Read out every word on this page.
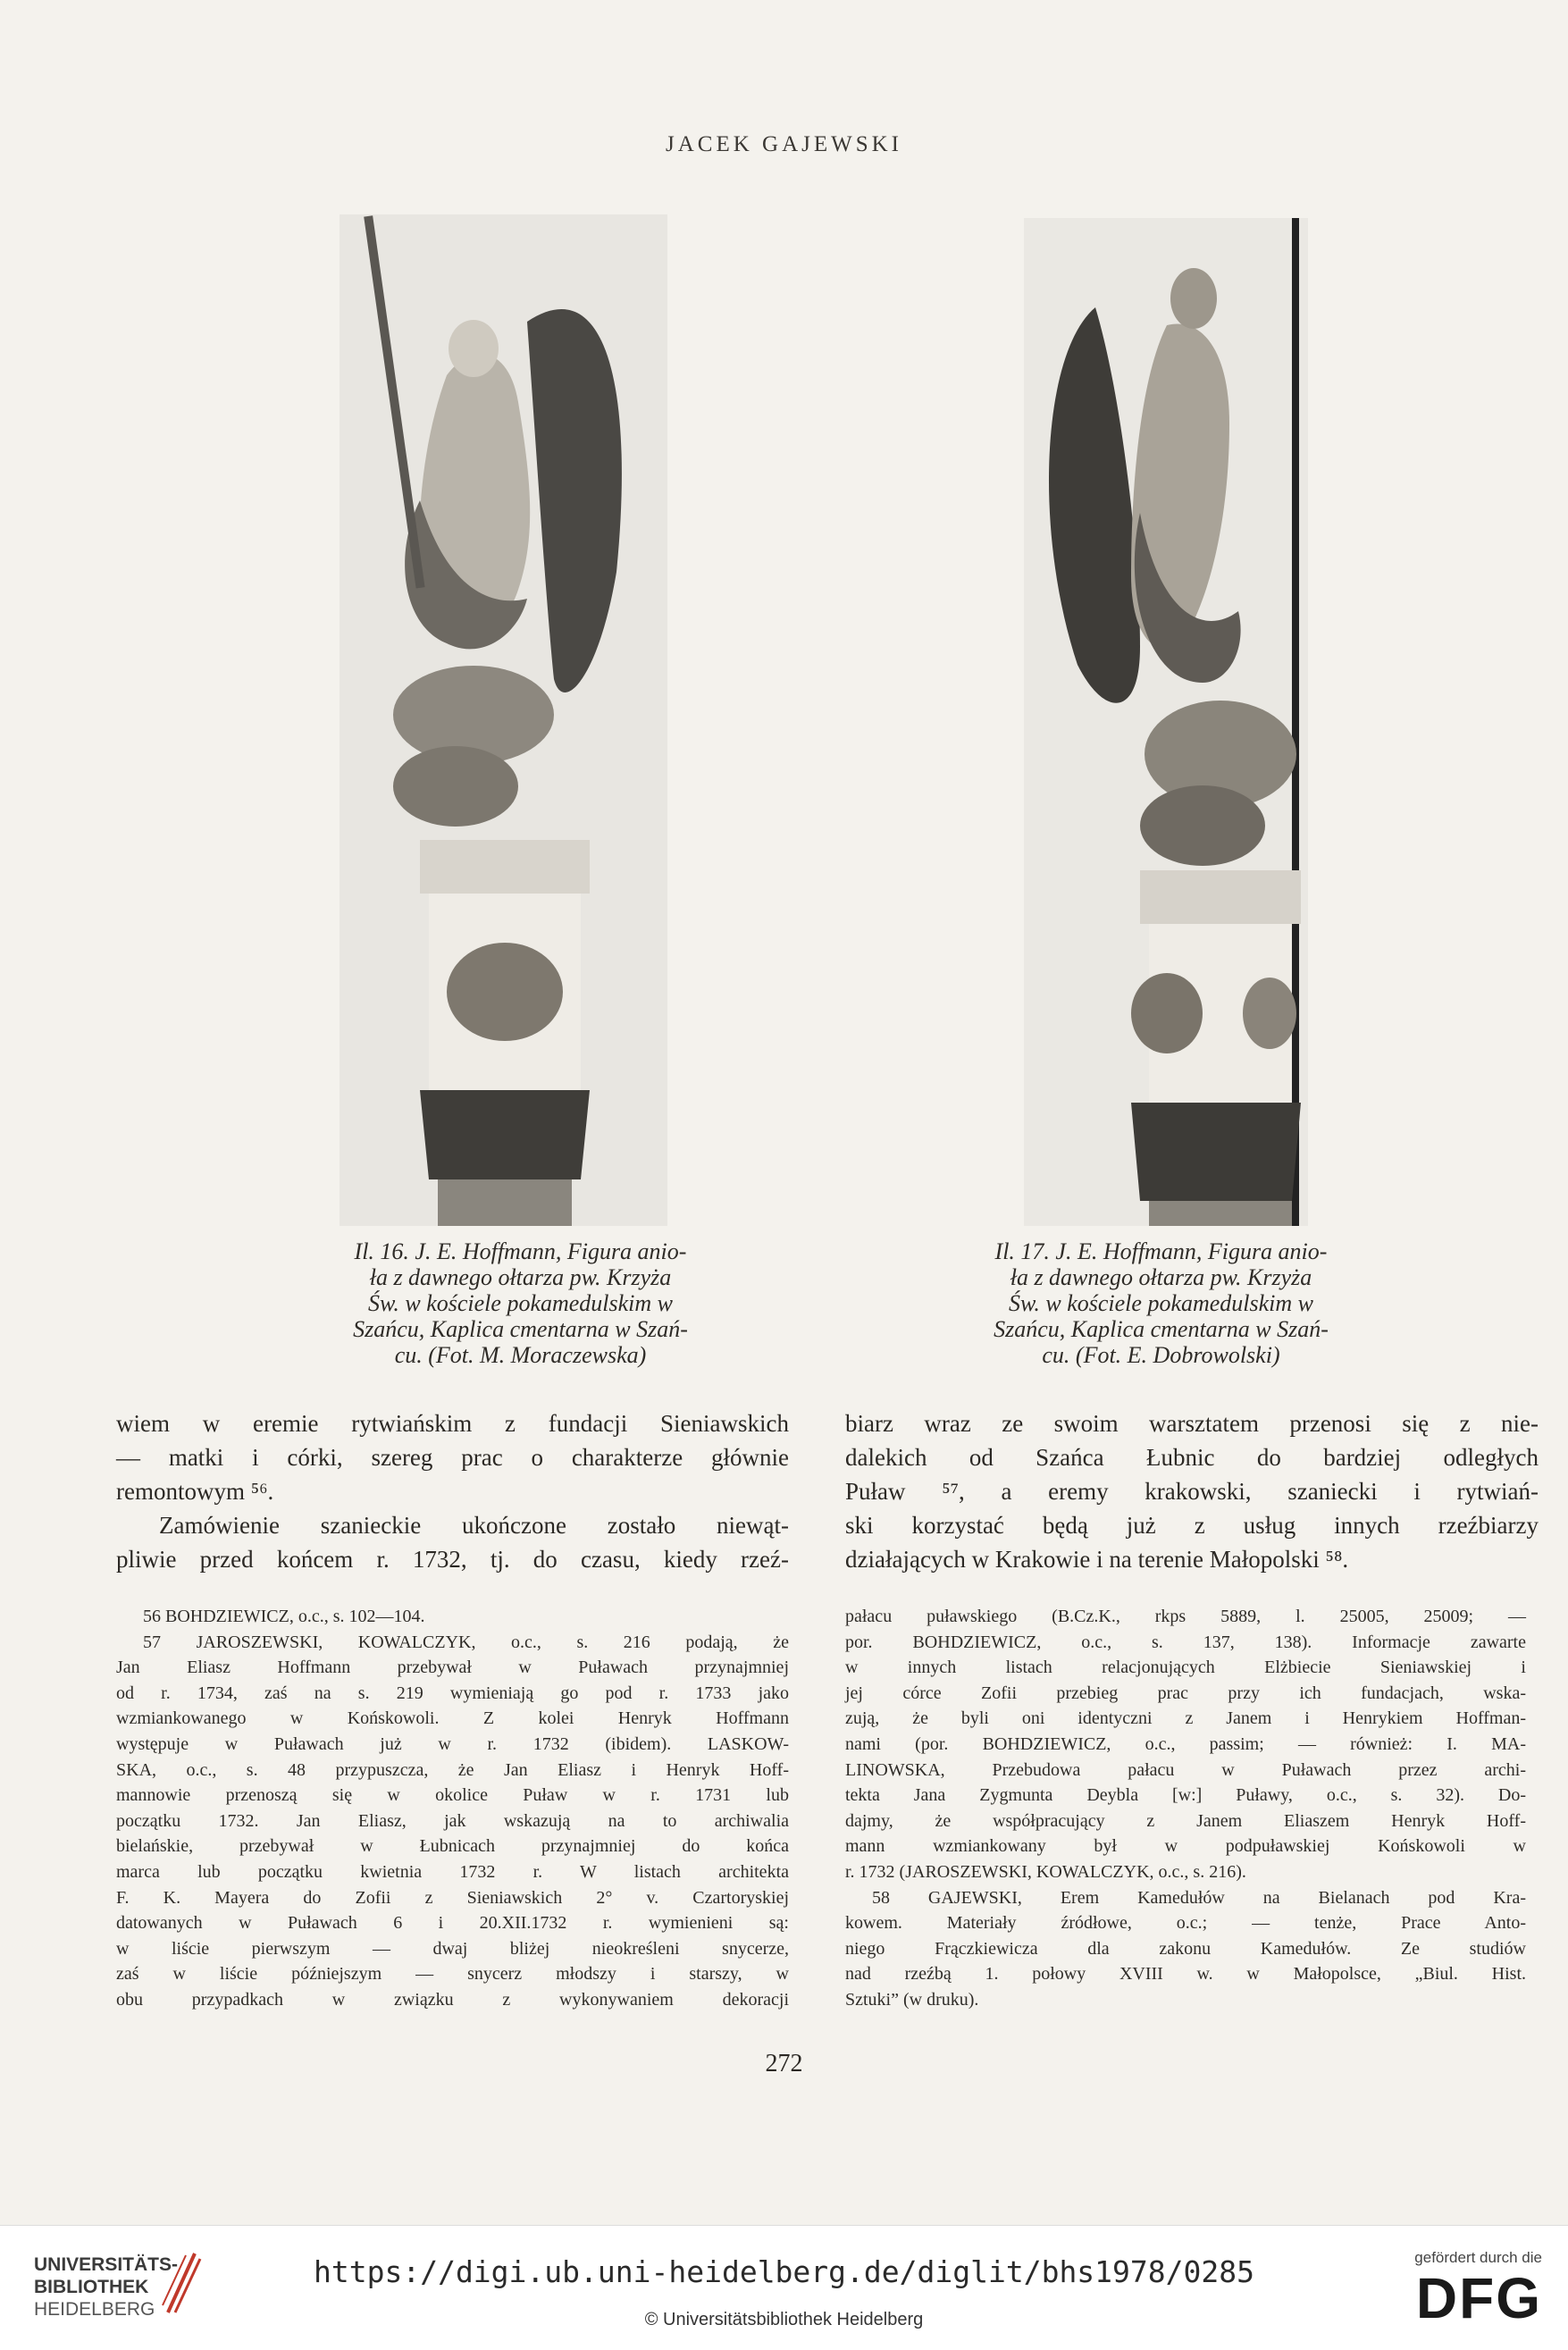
JACEK GAJEWSKI
Il. 16. J. E. Hoffmann, Figura anio-
ła z dawnego ołtarza pw. Krzyża
Św. w kościele pokamedulskim w
Szańcu, Kaplica cmentarna w Szań-
cu. (Fot. M. Moraczewska)
Il. 17. J. E. Hoffmann, Figura anio-
ła z dawnego ołtarza pw. Krzyża
Św. w kościele pokamedulskim w
Szańcu, Kaplica cmentarna w Szań-
cu. (Fot. E. Dobrowolski)
wiem w eremie rytwiańskim z fundacji Sieniawskich
— matki i córki, szereg prac o charakterze głównie
remontowym ⁵⁶.
Zamówienie szanieckie ukończone zostało niewąt-
pliwie przed końcem r. 1732, tj. do czasu, kiedy rzeź-
biarz wraz ze swoim warsztatem przenosi się z nie-
dalekich od Szańca Łubnic do bardziej odległych
Puław ⁵⁷, a eremy krakowski, szaniecki i rytwiań-
ski korzystać będą już z usług innych rzeźbiarzy
działających w Krakowie i na terenie Małopolski ⁵⁸.
56 BOHDZIEWICZ, o.c., s. 102—104.
57 JAROSZEWSKI, KOWALCZYK, o.c., s. 216 podają, że
Jan Eliasz Hoffmann przebywał w Puławach przynajmniej
od r. 1734, zaś na s. 219 wymieniają go pod r. 1733 jako
wzmiankowanego w Końskowoli. Z kolei Henryk Hoffmann
występuje w Puławach już w r. 1732 (ibidem). LASKOW-
SKA, o.c., s. 48 przypuszcza, że Jan Eliasz i Henryk Hoff-
mannowie przenoszą się w okolice Puław w r. 1731 lub
początku 1732. Jan Eliasz, jak wskazują na to archiwalia
bielańskie, przebywał w Łubnicach przynajmniej do końca
marca lub początku kwietnia 1732 r. W listach architekta
F. K. Mayera do Zofii z Sieniawskich 2° v. Czartoryskiej
datowanych w Puławach 6 i 20.XII.1732 r. wymienieni są:
w liście pierwszym — dwaj bliżej nieokreśleni snycerze,
zaś w liście późniejszym — snycerz młodszy i starszy, w
obu przypadkach w związku z wykonywaniem dekoracji
pałacu puławskiego (B.Cz.K., rkps 5889, l. 25005, 25009; —
por. BOHDZIEWICZ, o.c., s. 137, 138). Informacje zawarte
w innych listach relacjonujących Elżbiecie Sieniawskiej i
jej córce Zofii przebieg prac przy ich fundacjach, wska-
zują, że byli oni identyczni z Janem i Henrykiem Hoffman-
nami (por. BOHDZIEWICZ, o.c., passim; — również: I. MA-
LINOWSKA, Przebudowa pałacu w Puławach przez archi-
tekta Jana Zygmunta Deybla [w:] Puławy, o.c., s. 32). Do-
dajmy, że współpracujący z Janem Eliaszem Henryk Hoff-
mann wzmiankowany był w podpuławskiej Końskowoli w
r. 1732 (JAROSZEWSKI, KOWALCZYK, o.c., s. 216).
58 GAJEWSKI, Erem Kamedułów na Bielanach pod Kra-
kowem. Materiały źródłowe, o.c.; — tenże, Prace Anto-
niego Frączkiewicza dla zakonu Kamedułów. Ze studiów
nad rzeźbą 1. połowy XVIII w. w Małopolsce, „Biul. Hist.
Sztuki” (w druku).
272
UNIVERSITÄTS-
BIBLIOTHEK
HEIDELBERG
https://digi.ub.uni-heidelberg.de/diglit/bhs1978/0285
© Universitätsbibliothek Heidelberg
gefördert durch die
DFG
